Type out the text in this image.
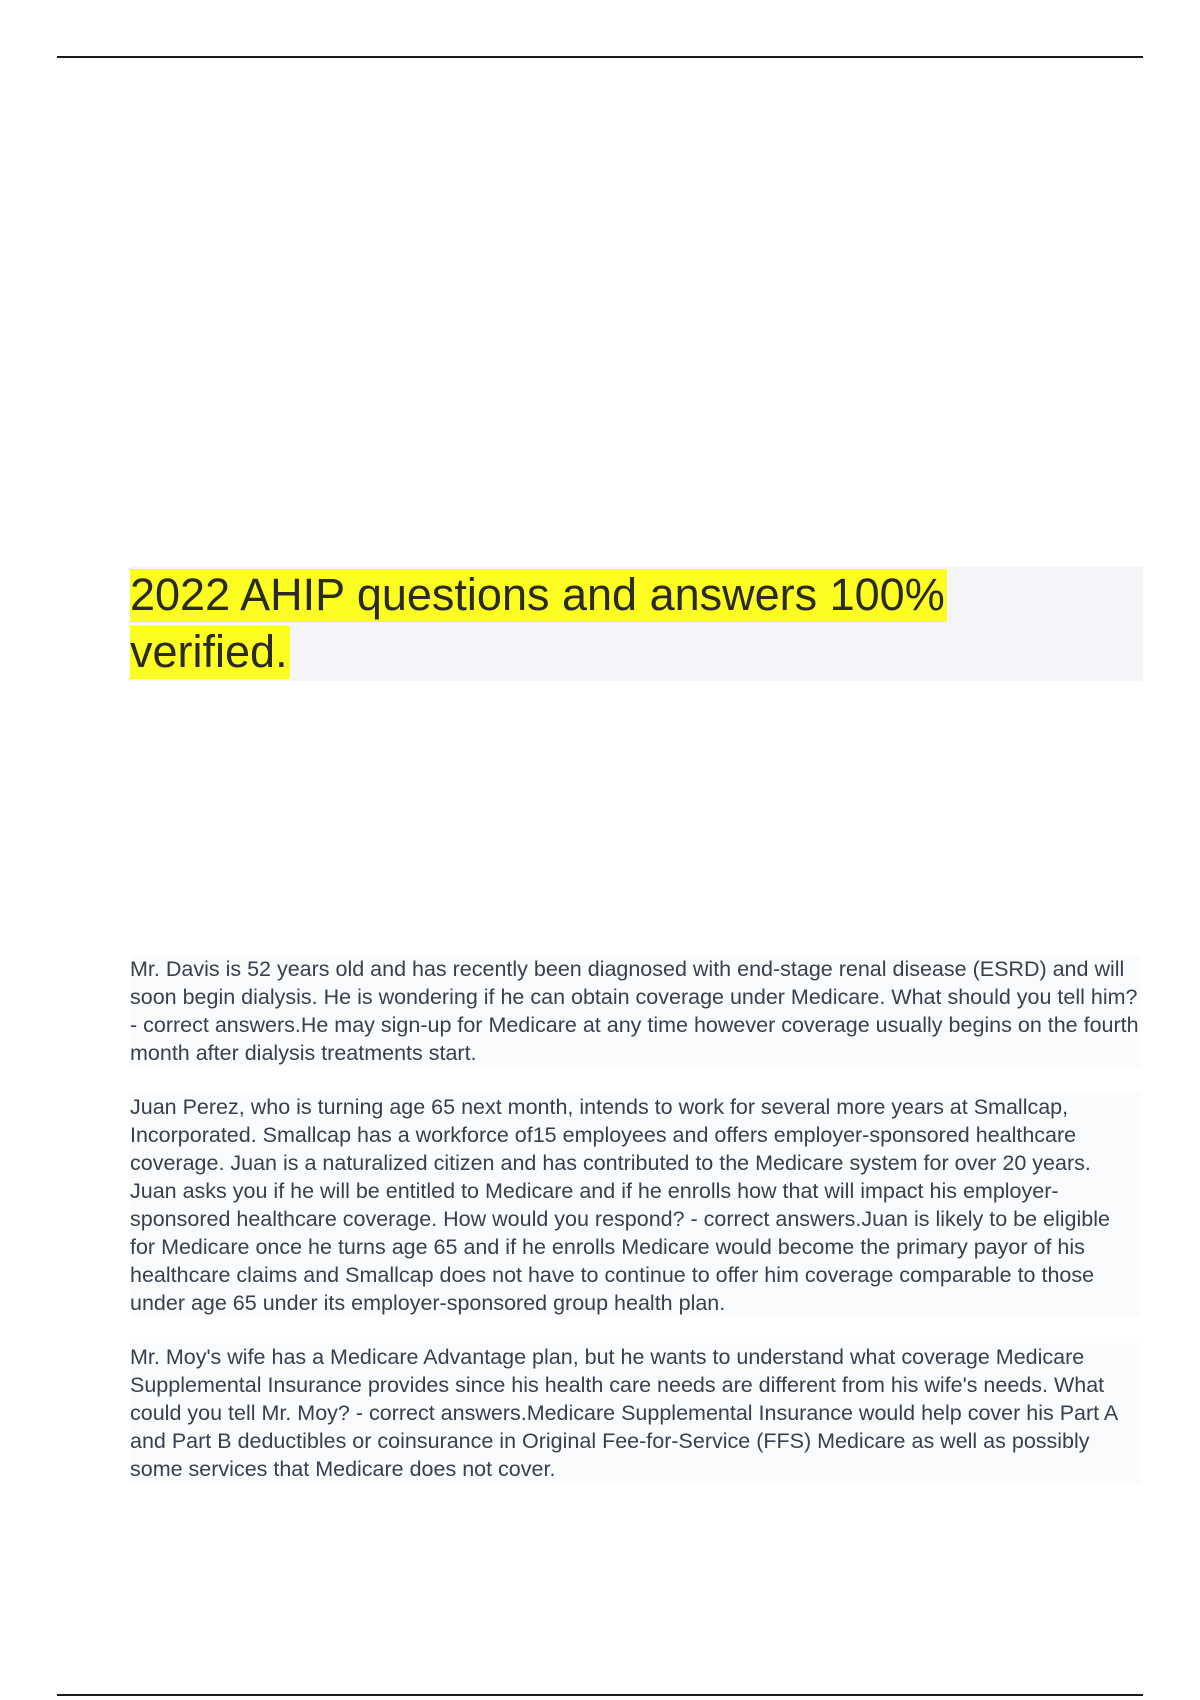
2022 AHIP questions and answers 100% verified.

Mr. Davis is 52 years old and has recently been diagnosed with end-stage renal disease (ESRD) and will soon begin dialysis. He is wondering if he can obtain coverage under Medicare. What should you tell him? - correct answers.He may sign-up for Medicare at any time however coverage usually begins on the fourth month after dialysis treatments start.

Juan Perez, who is turning age 65 next month, intends to work for several more years at Smallcap, Incorporated. Smallcap has a workforce of15 employees and offers employer-sponsored healthcare coverage. Juan is a naturalized citizen and has contributed to the Medicare system for over 20 years. Juan asks you if he will be entitled to Medicare and if he enrolls how that will impact his employer-sponsored healthcare coverage. How would you respond? - correct answers.Juan is likely to be eligible for Medicare once he turns age 65 and if he enrolls Medicare would become the primary payor of his healthcare claims and Smallcap does not have to continue to offer him coverage comparable to those under age 65 under its employer-sponsored group health plan.

Mr. Moy's wife has a Medicare Advantage plan, but he wants to understand what coverage Medicare Supplemental Insurance provides since his health care needs are different from his wife's needs. What could you tell Mr. Moy? - correct answers.Medicare Supplemental Insurance would help cover his Part A and Part B deductibles or coinsurance in Original Fee-for-Service (FFS) Medicare as well as possibly some services that Medicare does not cover.
